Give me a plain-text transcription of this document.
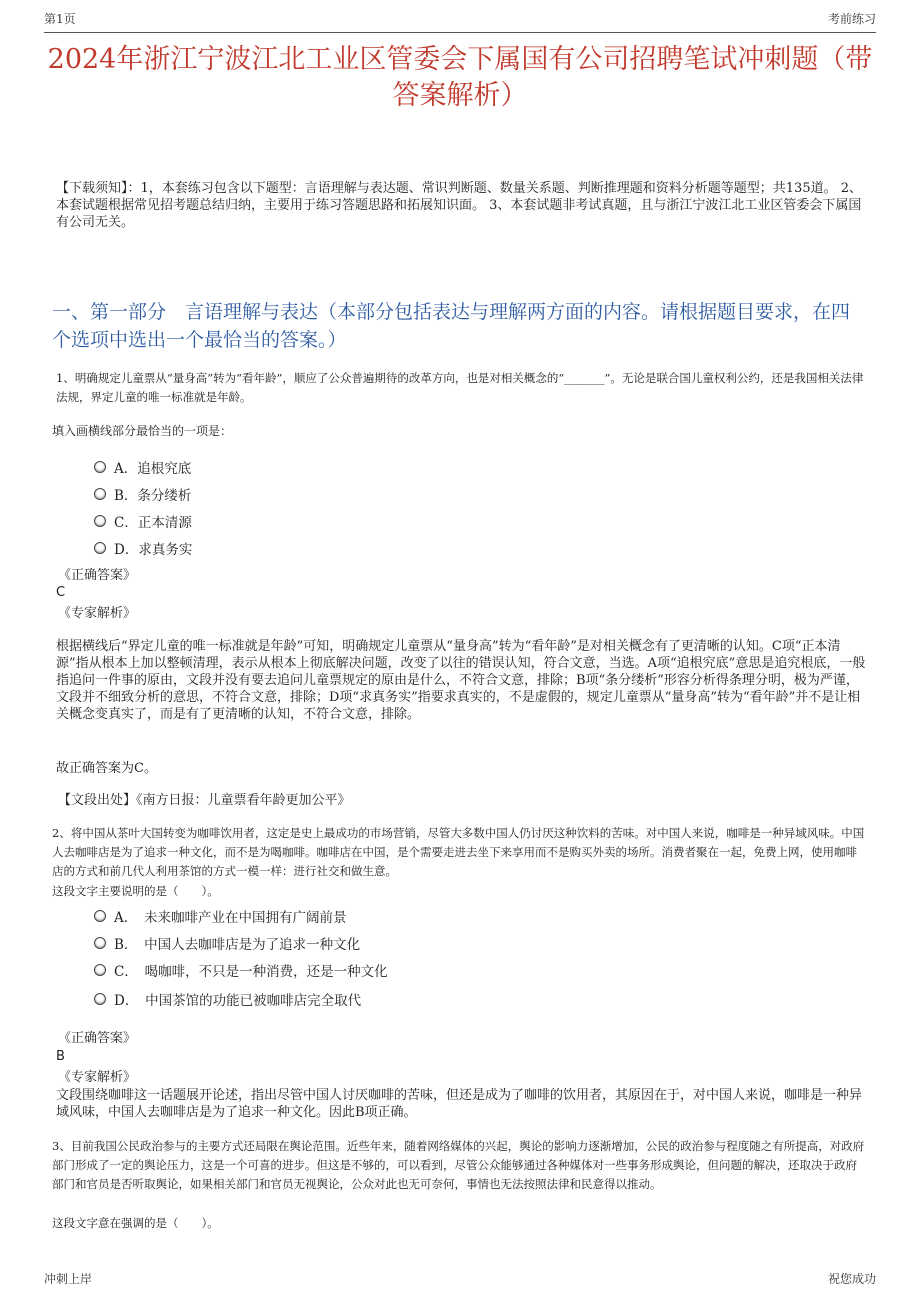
第1页	考前练习
2024年浙江宁波江北工业区管委会下属国有公司招聘笔试冲刺题（带答案解析）
【下载须知】：1，本套练习包含以下题型：言语理解与表达题、常识判断题、数量关系题、判断推理题和资料分析题等题型；共135道。 2、本套试题根据常见招考题总结归纳，主要用于练习答题思路和拓展知识面。 3、本套试题非考试真题，且与浙江宁波江北工业区管委会下属国有公司无关。
一、第一部分　言语理解与表达（本部分包括表达与理解两方面的内容。请根据题目要求，在四个选项中选出一个最恰当的答案。）
1、明确规定儿童票从“量身高”转为“看年龄”，顺应了公众普遍期待的改革方向，也是对相关概念的“_______”。无论是联合国儿童权利公约，还是我国相关法律法规，界定儿童的唯一标准就是年龄。
填入画横线部分最恰当的一项是：
A．追根究底
B．条分缕析
C．正本清源
D．求真务实
《正确答案》
C
《专家解析》
根据横线后“界定儿童的唯一标准就是年龄”可知，明确规定儿童票从“量身高”转为“看年龄”是对相关概念有了更清晰的认知。C项“正本清源”指从根本上加以整顿清理，表示从根本上彻底解决问题，改变了以往的错误认知，符合文意，当选。A项“追根究底”意思是追究根底，一般指追问一件事的原由，文段并没有要去追问儿童票规定的原由是什么，不符合文意，排除；B项“条分缕析”形容分析得条理分明，极为严谨，文段并不细致分析的意思，不符合文意，排除；D项“求真务实”指要求真实的，不是虚假的，规定儿童票从“量身高”转为“看年龄”并不是让相关概念变真实了，而是有了更清晰的认知，不符合文意，排除。
故正确答案为C。
【文段出处】《南方日报：儿童票看年龄更加公平》
2、将中国从茶叶大国转变为咖啡饮用者，这定是史上最成功的市场营销，尽管大多数中国人仍讨厌这种饮料的苦味。对中国人来说，咖啡是一种异域风味。中国人去咖啡店是为了追求一种文化，而不是为喝咖啡。咖啡店在中国，是个需要走进去坐下来享用而不是购买外卖的场所。消费者聚在一起，免费上网，使用咖啡店的方式和前几代人利用茶馆的方式一模一样：进行社交和做生意。
这段文字主要说明的是（　　）。
A．　未来咖啡产业在中国拥有广阔前景
B．　中国人去咖啡店是为了追求一种文化
C．　喝咖啡，不只是一种消费，还是一种文化
D．　中国茶馆的功能已被咖啡店完全取代
《正确答案》
B
《专家解析》
文段围绕咖啡这一话题展开论述，指出尽管中国人讨厌咖啡的苦味，但还是成为了咖啡的饮用者，其原因在于，对中国人来说，咖啡是一种异域风味，中国人去咖啡店是为了追求一种文化。因此B项正确。
3、目前我国公民政治参与的主要方式还局限在舆论范围。近些年来，随着网络媒体的兴起，舆论的影响力逐渐增加，公民的政治参与程度随之有所提高，对政府部门形成了一定的舆论压力，这是一个可喜的进步。但这是不够的，可以看到，尽管公众能够通过各种媒体对一些事务形成舆论，但问题的解决，还取决于政府部门和官员是否听取舆论，如果相关部门和官员无视舆论，公众对此也无可奈何，事情也无法按照法律和民意得以推动。
这段文字意在强调的是（　　）。
冲刺上岸	祝您成功
